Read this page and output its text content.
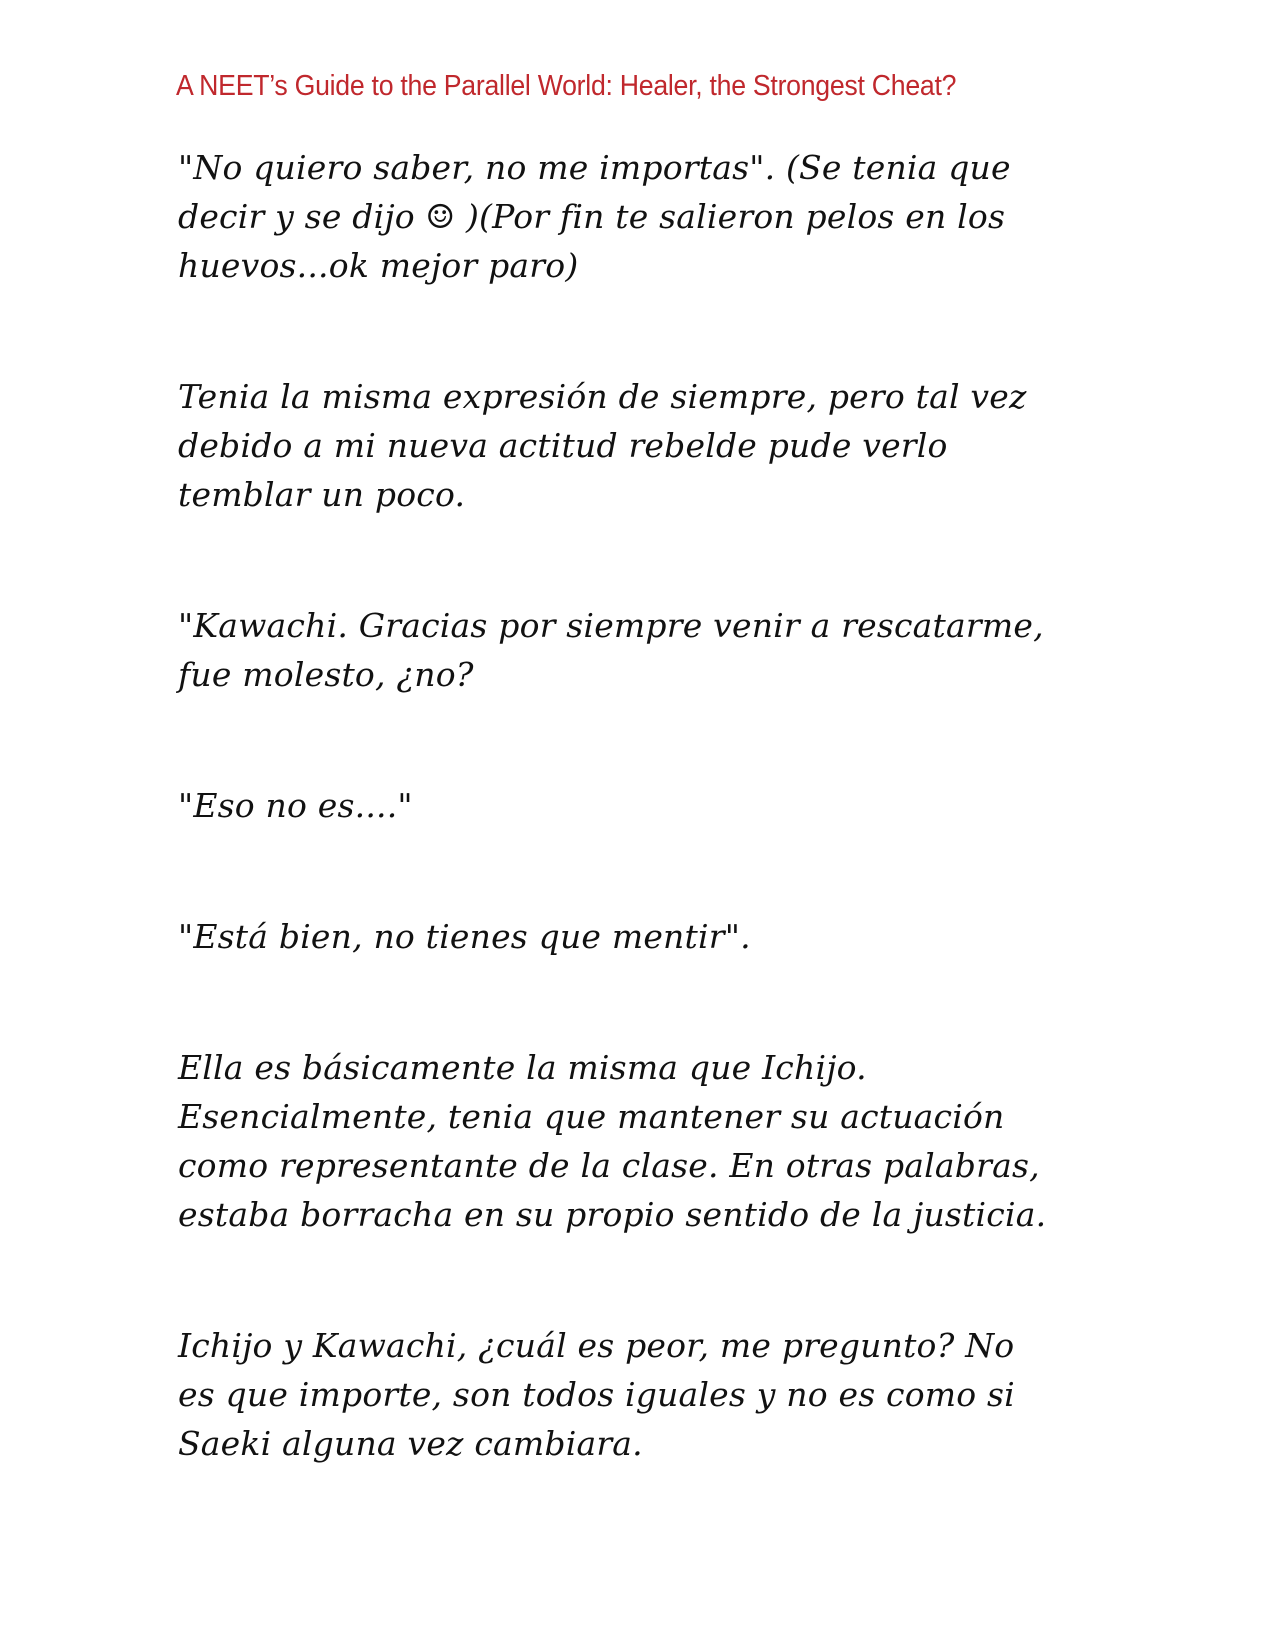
A NEET’s Guide to the Parallel World: Healer, the Strongest Cheat?

"No quiero saber, no me importas". (Se tenia que
decir y se dijo ☺ )(Por fin te salieron pelos en los
huevos...ok mejor paro)

Tenia la misma expresión de siempre, pero tal vez
debido a mi nueva actitud rebelde pude verlo
temblar un poco.

"Kawachi. Gracias por siempre venir a rescatarme,
fue molesto, ¿no?

"Eso no es...."

"Está bien, no tienes que mentir".

Ella es básicamente la misma que Ichijo.
Esencialmente, tenia que mantener su actuación
como representante de la clase. En otras palabras,
estaba borracha en su propio sentido de la justicia.

Ichijo y Kawachi, ¿cuál es peor, me pregunto? No
es que importe, son todos iguales y no es como si
Saeki alguna vez cambiara.
